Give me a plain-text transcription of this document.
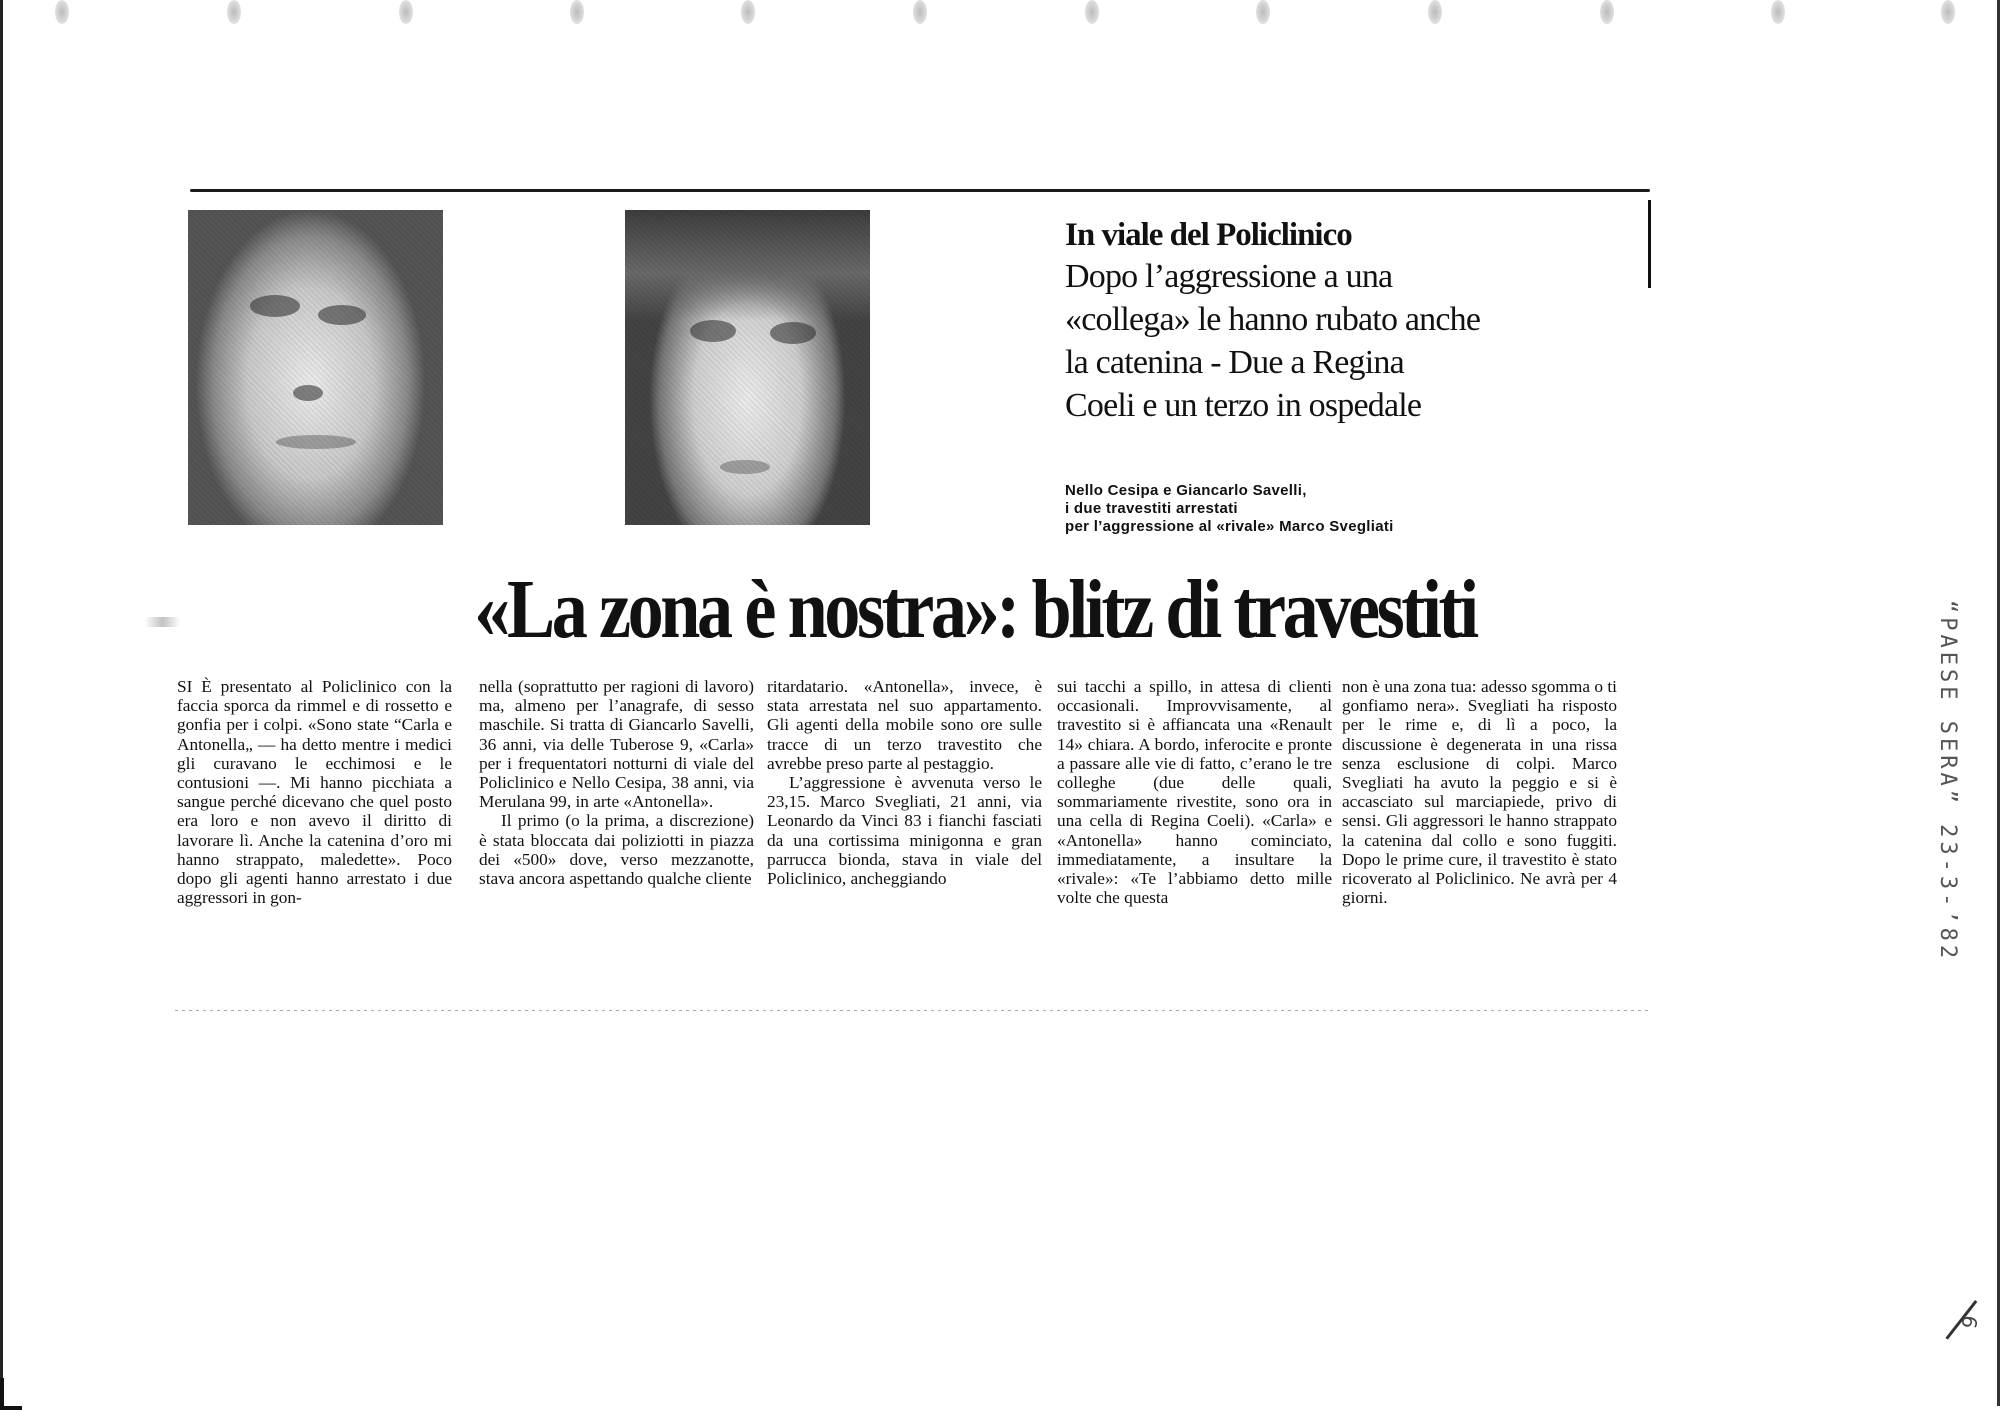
In viale del Policlinico
Dopo l’aggressione a una
«collega» le hanno rubato anche
la catenina - Due a Regina
Coeli e un terzo in ospedale
Nello Cesipa e Giancarlo Savelli,
i due travestiti arrestati
per l’aggressione al «rivale» Marco Svegliati
«La zona è nostra»: blitz di travestiti

SI È presentato al Policlinico con la faccia sporca da rimmel e di rossetto e gonfia per i colpi. «Sono state “Carla e Antonella„ — ha detto mentre i medici gli curavano le ecchimosi e le contusioni —. Mi hanno picchiata a sangue perché dicevano che quel posto era loro e non avevo il diritto di lavorare lì. Anche la catenina d’oro mi hanno strappato, maledette». Poco dopo gli agenti hanno arrestato i due aggressori in gon-

nella (soprattutto per ragioni di lavoro) ma, almeno per l’anagrafe, di sesso maschile. Si tratta di Giancarlo Savelli, 36 anni, via delle Tuberose 9, «Carla» per i frequentatori notturni di viale del Policlinico e Nello Cesipa, 38 anni, via Merulana 99, in arte «Antonella».

Il primo (o la prima, a discrezione) è stata bloccata dai poliziotti in piazza dei «500» dove, verso mezzanotte, stava ancora aspettando qualche cliente

ritardatario. «Antonella», invece, è stata arrestata nel suo appartamento. Gli agenti della mobile sono ore sulle tracce di un terzo travestito che avrebbe preso parte al pestaggio.

L’aggressione è avvenuta verso le 23,15. Marco Svegliati, 21 anni, via Leonardo da Vinci 83 i fianchi fasciati da una cortissima minigonna e gran parrucca bionda, stava in viale del Policlinico, ancheggiando

sui tacchi a spillo, in attesa di clienti occasionali. Improvvisamente, al travestito si è affiancata una «Renault 14» chiara. A bordo, inferocite e pronte a passare alle vie di fatto, c’erano le tre colleghe (due delle quali, sommariamente rivestite, sono ora in una cella di Regina Coeli). «Carla» e «Antonella» hanno cominciato, immediatamente, a insultare la «rivale»: «Te l’abbiamo detto mille volte che questa

non è una zona tua: adesso sgomma o ti gonfiamo nera». Svegliati ha risposto per le rime e, di lì a poco, la discussione è degenerata in una rissa senza esclusione di colpi. Marco Svegliati ha avuto la peggio e si è accasciato sul marciapiede, privo di sensi. Gli aggressori le hanno strappato la catenina dal collo e sono fuggiti. Dopo le prime cure, il travestito è stato ricoverato al Policlinico. Ne avrà per 4 giorni.	“PAESE SERA” 23-3-’82
6
